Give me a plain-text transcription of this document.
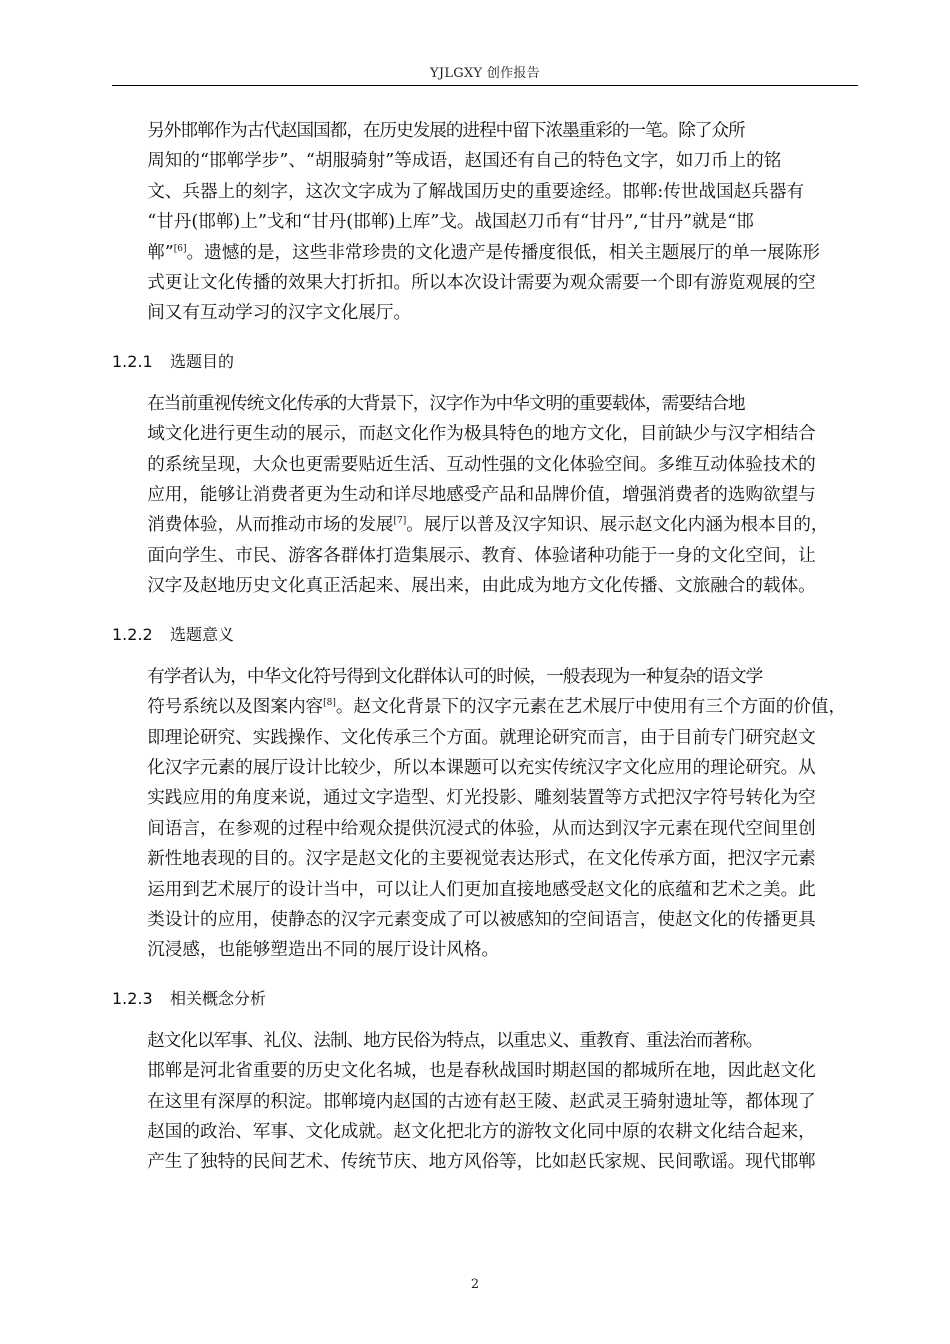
YJLGXY 创作报告
另外邯郸作为古代赵国国都，在历史发展的进程中留下浓墨重彩的一笔。除了众所
周知的“邯郸学步”、“胡服骑射”等成语，赵国还有自己的特色文字，如刀币上的铭
文、兵器上的刻字，这次文字成为了解战国历史的重要途经。邯郸:传世战国赵兵器有
“甘丹(邯郸)上”戈和“甘丹(邯郸)上库”戈。战国赵刀币有“甘丹”,“甘丹”就是“邯
郸”[6]。遗憾的是，这些非常珍贵的文化遗产是传播度很低，相关主题展厅的单一展陈形
式更让文化传播的效果大打折扣。所以本次设计需要为观众需要一个即有游览观展的空
间又有互动学习的汉字文化展厅。
1.2.1 选题目的
在当前重视传统文化传承的大背景下，汉字作为中华文明的重要载体，需要结合地
域文化进行更生动的展示，而赵文化作为极具特色的地方文化，目前缺少与汉字相结合
的系统呈现，大众也更需要贴近生活、互动性强的文化体验空间。多维互动体验技术的
应用，能够让消费者更为生动和详尽地感受产品和品牌价值，增强消费者的选购欲望与
消费体验，从而推动市场的发展[7]。展厅以普及汉字知识、展示赵文化内涵为根本目的，
面向学生、市民、游客各群体打造集展示、教育、体验诸种功能于一身的文化空间，让
汉字及赵地历史文化真正活起来、展出来，由此成为地方文化传播、文旅融合的载体。
1.2.2 选题意义
有学者认为，中华文化符号得到文化群体认可的时候，一般表现为一种复杂的语文学
符号系统以及图案内容[8]。赵文化背景下的汉字元素在艺术展厅中使用有三个方面的价值，
即理论研究、实践操作、文化传承三个方面。就理论研究而言，由于目前专门研究赵文
化汉字元素的展厅设计比较少，所以本课题可以充实传统汉字文化应用的理论研究。从
实践应用的角度来说，通过文字造型、灯光投影、雕刻装置等方式把汉字符号转化为空
间语言，在参观的过程中给观众提供沉浸式的体验，从而达到汉字元素在现代空间里创
新性地表现的目的。汉字是赵文化的主要视觉表达形式，在文化传承方面，把汉字元素
运用到艺术展厅的设计当中，可以让人们更加直接地感受赵文化的底蕴和艺术之美。此
类设计的应用，使静态的汉字元素变成了可以被感知的空间语言，使赵文化的传播更具
沉浸感，也能够塑造出不同的展厅设计风格。
1.2.3 相关概念分析
赵文化以军事、礼仪、法制、地方民俗为特点，以重忠义、重教育、重法治而著称。
邯郸是河北省重要的历史文化名城，也是春秋战国时期赵国的都城所在地，因此赵文化
在这里有深厚的积淀。邯郸境内赵国的古迹有赵王陵、赵武灵王骑射遗址等，都体现了
赵国的政治、军事、文化成就。赵文化把北方的游牧文化同中原的农耕文化结合起来，
产生了独特的民间艺术、传统节庆、地方风俗等，比如赵氏家规、民间歌谣。现代邯郸
2
